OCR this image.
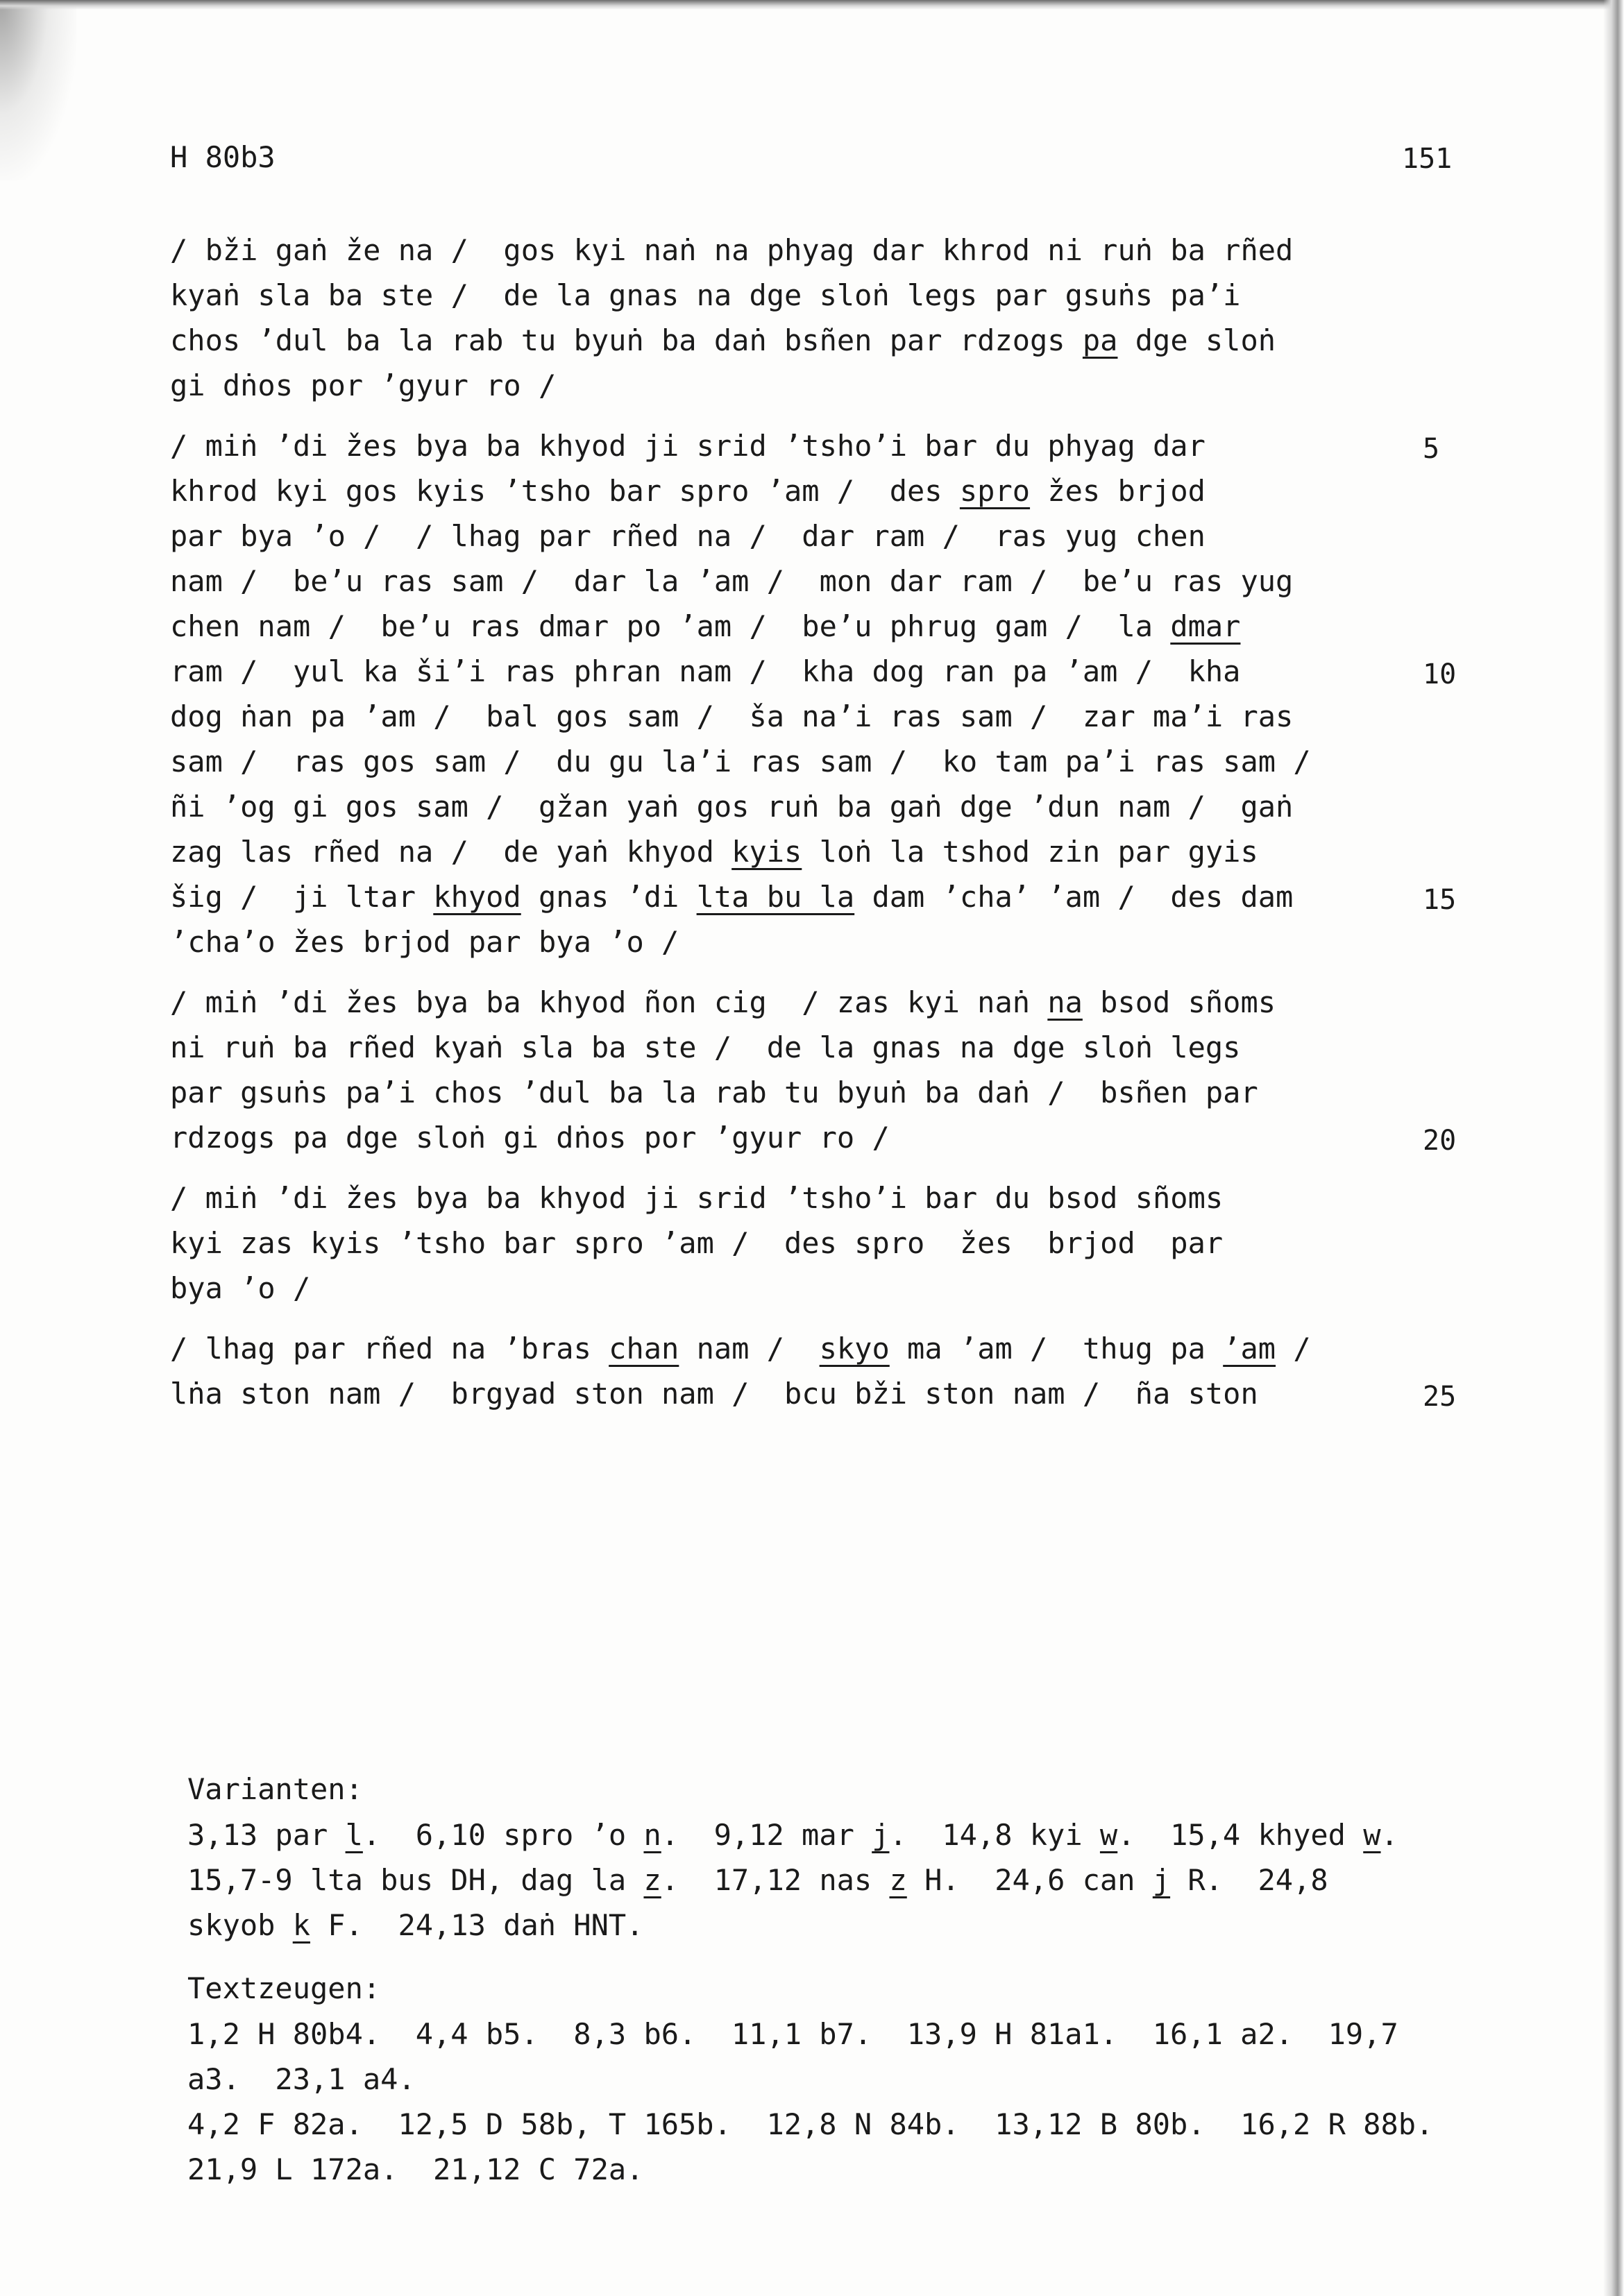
H 80b3	151
/ bži gaṅ že na /  gos kyi naṅ na phyag dar khrod ni ruṅ ba rñed
kyaṅ sla ba ste /  de la gnas na dge sloṅ legs par gsuṅs pa’i
chos ’dul ba la rab tu byuṅ ba daṅ bsñen par rdzogs pa dge sloṅ
gi dṅos por ’gyur ro /
/ miṅ ’di žes bya ba khyod ji srid ’tsho’i bar du phyag dar
khrod kyi gos kyis ’tsho bar spro ’am /  des spro žes brjod
par bya ’o /  / lhag par rñed na /  dar ram /  ras yug chen
nam /  be’u ras sam /  dar la ’am /  mon dar ram /  be’u ras yug
chen nam /  be’u ras dmar po ’am /  be’u phrug gam /  la dmar
ram /  yul ka ši’i ras phran nam /  kha dog ran pa ’am /  kha
dog ṅan pa ’am /  bal gos sam /  ša na’i ras sam /  zar ma’i ras
sam /  ras gos sam /  du gu la’i ras sam /  ko tam pa’i ras sam /
ñi ’og gi gos sam /  gžan yaṅ gos ruṅ ba gaṅ dge ’dun nam /  gaṅ
zag las rñed na /  de yaṅ khyod kyis loṅ la tshod zin par gyis
šig /  ji ltar khyod gnas ’di lta bu la dam ’cha’ ’am /  des dam
’cha’o žes brjod par bya ’o /
/ miṅ ’di žes bya ba khyod ñon cig  / zas kyi naṅ na bsod sñoms
ni ruṅ ba rñed kyaṅ sla ba ste /  de la gnas na dge sloṅ legs
par gsuṅs pa’i chos ’dul ba la rab tu byuṅ ba daṅ /  bsñen par
rdzogs pa dge sloṅ gi dṅos por ’gyur ro /
/ miṅ ’di žes bya ba khyod ji srid ’tsho’i bar du bsod sñoms
kyi zas kyis ’tsho bar spro ’am /  des spro  žes  brjod  par
bya ’o /
/ lhag par rñed na ’bras chan nam /  skyo ma ’am /  thug pa ’am /
lṅa ston nam /  brgyad ston nam /  bcu bži ston nam /  ña ston
5
10
15
20
25
Varianten:
3,13 par l.  6,10 spro ’o n.  9,12 mar j.  14,8 kyi w.  15,4 khyed w.
15,7-9 lta bus DH, dag la z.  17,12 nas z H.  24,6 can j R.  24,8
skyob k F.  24,13 daṅ HNT.
Textzeugen:
1,2 H 80b4.  4,4 b5.  8,3 b6.  11,1 b7.  13,9 H 81a1.  16,1 a2.  19,7
a3.  23,1 a4.
4,2 F 82a.  12,5 D 58b, T 165b.  12,8 N 84b.  13,12 B 80b.  16,2 R 88b.
21,9 L 172a.  21,12 C 72a.
